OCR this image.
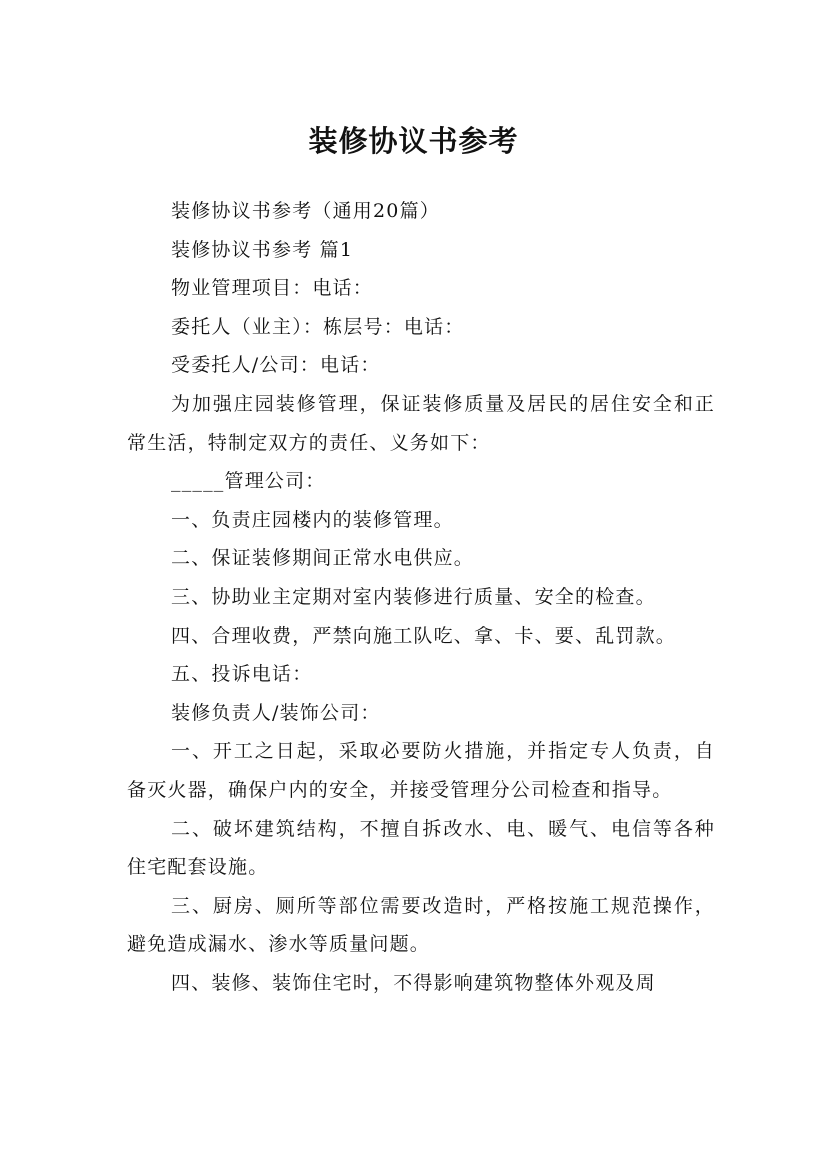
装修协议书参考

装修协议书参考（通用20篇）

装修协议书参考 篇1

物业管理项目：电话：

委托人（业主）：栋层号：电话：

受委托人/公司：电话：

为加强庄园装修管理，保证装修质量及居民的居住安全和正常生活，特制定双方的责任、义务如下：

_____管理公司：

一、负责庄园楼内的装修管理。

二、保证装修期间正常水电供应。

三、协助业主定期对室内装修进行质量、安全的检查。

四、合理收费，严禁向施工队吃、拿、卡、要、乱罚款。

五、投诉电话：

装修负责人/装饰公司：

一、开工之日起，采取必要防火措施，并指定专人负责，自备灭火器，确保户内的安全，并接受管理分公司检查和指导。

二、破坏建筑结构，不擅自拆改水、电、暖气、电信等各种住宅配套设施。

三、厨房、厕所等部位需要改造时，严格按施工规范操作，避免造成漏水、渗水等质量问题。

四、装修、装饰住宅时，不得影响建筑物整体外观及周
